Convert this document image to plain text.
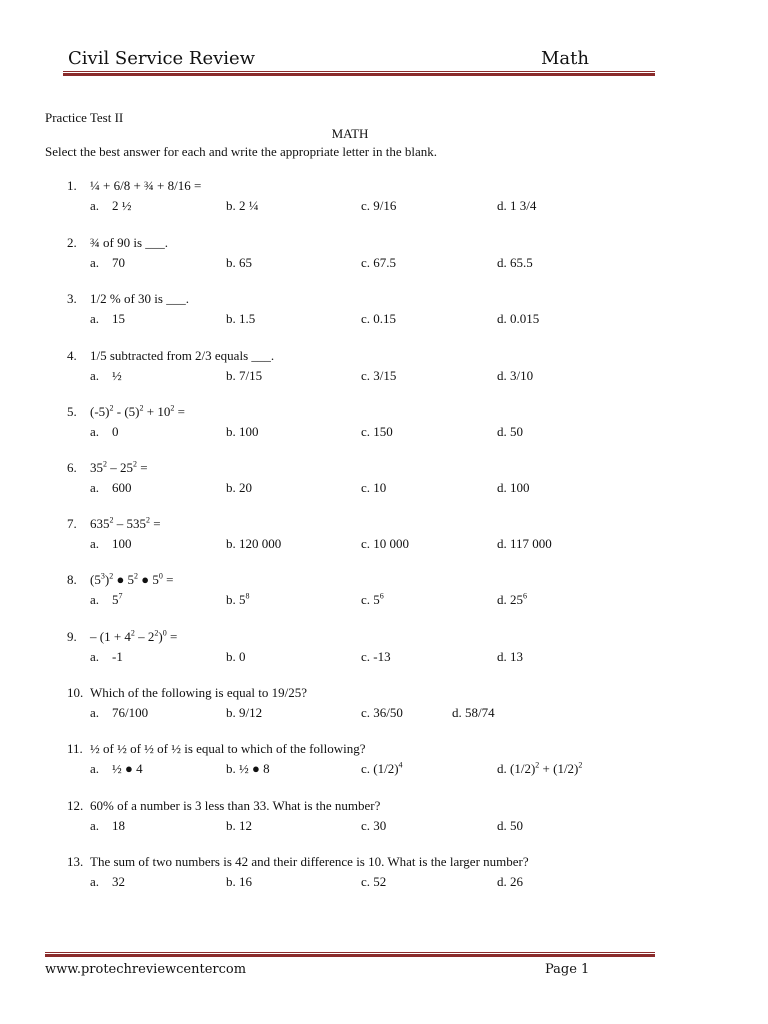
Civil Service Review	Math
Practice Test II
MATH
Select the best answer for each and write the appropriate letter in the blank.
1. ¼ + 6/8 + ¾ + 8/16 =
a. 2 ½	b. 2 ¼	c. 9/16	d. 1 3/4
2. ¾ of 90 is ___.
a. 70	b. 65	c. 67.5	d. 65.5
3. 1/2 % of 30 is ___.
a. 15	b. 1.5	c. 0.15	d. 0.015
4. 1/5 subtracted from 2/3 equals ___.
a. ½	b. 7/15	c. 3/15	d. 3/10
5. $(-5)^2 - (5)^2 + 10^2$ =
a. 0	b. 100	c. 150	d. 50
6. $35^2 - 25^2$ =
a. 600	b. 20	c. 10	d. 100
7. $635^2 - 535^2$ =
a. 100	b. 120 000	c. 10 000	d. 117 000
8. $(5^3)^2$ ● $5^2$ ● $5^0$ =
a. $5^7$	b. $5^8$	c. $5^6$	d. $25^6$
9. – $(1 + 4^2 - 2^2)^0$ =
a. -1	b. 0	c. -13	d. 13
10. Which of the following is equal to 19/25?
a. 76/100	b. 9/12	c. 36/50	d. 58/74
11. ½ of ½ of ½ of ½ is equal to which of the following?
a. ½ ● 4	b. ½ ● 8	c. $(1/2)^4$	d. $(1/2)^2 + (1/2)^2$
12. 60% of a number is 3 less than 33. What is the number?
a. 18	b. 12	c. 30	d. 50
13. The sum of two numbers is 42 and their difference is 10. What is the larger number?
a. 32	b. 16	c. 52	d. 26
www.protechreviewcentercom	Page 1
